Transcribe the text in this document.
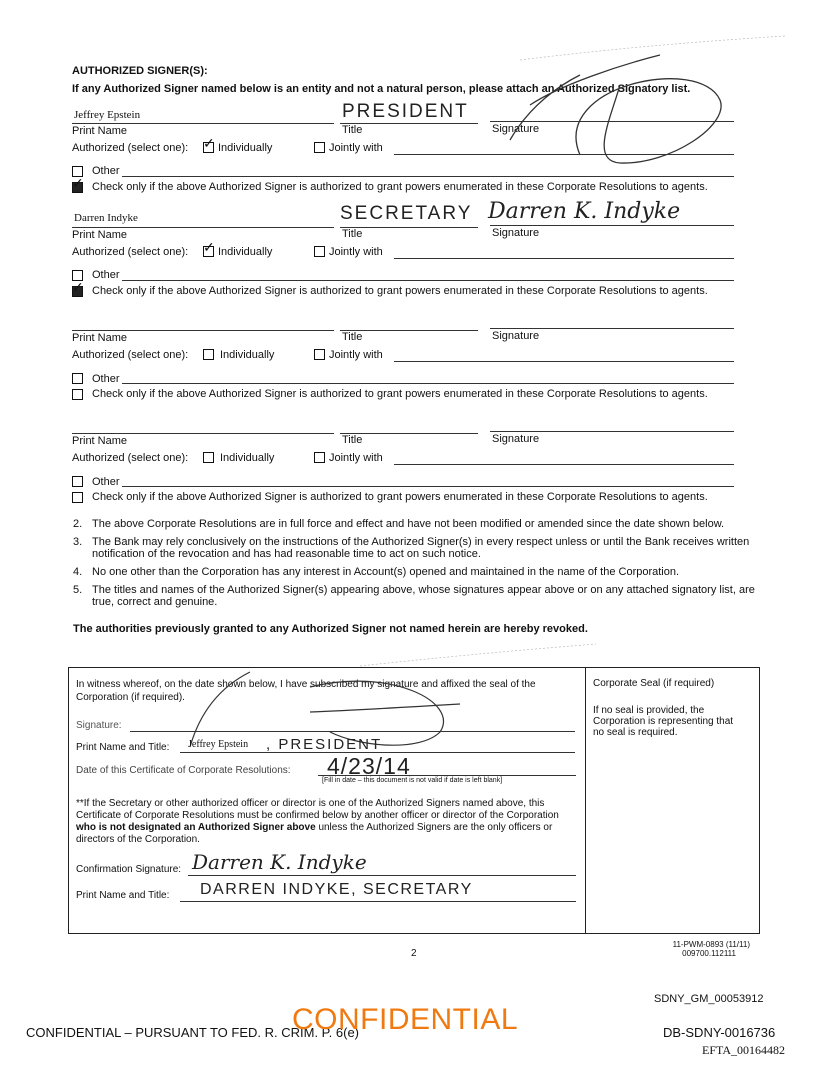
AUTHORIZED SIGNER(S):
If any Authorized Signer named below is an entity and not a natural person, please attach an Authorized Signatory list.
Jeffrey Epstein	PRESIDENT
Print Name	Title	Signature
Authorized (select one): ✓	Individually	Jointly with
Other
✓
Check only if the above Authorized Signer is authorized to grant powers enumerated in these Corporate Resolutions to agents.
Darren Indyke	SECRETARY Darren K. Indyke
Print Name	Title	Signature
Authorized (select one): ✓	Individually	Jointly with
Other
✓
Check only if the above Authorized Signer is authorized to grant powers enumerated in these Corporate Resolutions to agents.
Print Name	Title	Signature
Authorized (select one):	Individually	Jointly with
Other
Check only if the above Authorized Signer is authorized to grant powers enumerated in these Corporate Resolutions to agents.
Print Name	Title	Signature
Authorized (select one):	Individually	Jointly with
Other
Check only if the above Authorized Signer is authorized to grant powers enumerated in these Corporate Resolutions to agents.
2. The above Corporate Resolutions are in full force and effect and have not been modified or amended since the date shown below.
3. The Bank may rely conclusively on the instructions of the Authorized Signer(s) in every respect unless or until the Bank receives written notification of the revocation and has had reasonable time to act on such notice.
4. No one other than the Corporation has any interest in Account(s) opened and maintained in the name of the Corporation.
5. The titles and names of the Authorized Signer(s) appearing above, whose signatures appear above or on any attached signatory list, are true, correct and genuine.
The authorities previously granted to any Authorized Signer not named herein are hereby revoked.
In witness whereof, on the date shown below, I have subscribed my signature and affixed the seal of the Corporation (if required).
Signature:
Print Name and Title: Jeffrey Epstein , PRESIDENT
Date of this Certificate of Corporate Resolutions: 4/23/14
[Fill in date – this document is not valid if date is left blank]
**If the Secretary or other authorized officer or director is one of the Authorized Signers named above, this Certificate of Corporate Resolutions must be confirmed below by another officer or director of the Corporation who is not designated an Authorized Signer above unless the Authorized Signers are the only officers or directors of the Corporation.
Confirmation Signature: Darren K. Indyke
Print Name and Title: DARREN INDYKE, SECRETARY
Corporate Seal (if required)
If no seal is provided, the Corporation is representing that no seal is required.
11-PWM-0893 (11/11)
009700.112111
2
SDNY_GM_00053912
CONFIDENTIAL – PURSUANT TO FED. R. CRIM. P. 6(e)
CONFIDENTIAL	DB-SDNY-0016736
EFTA_00164482
